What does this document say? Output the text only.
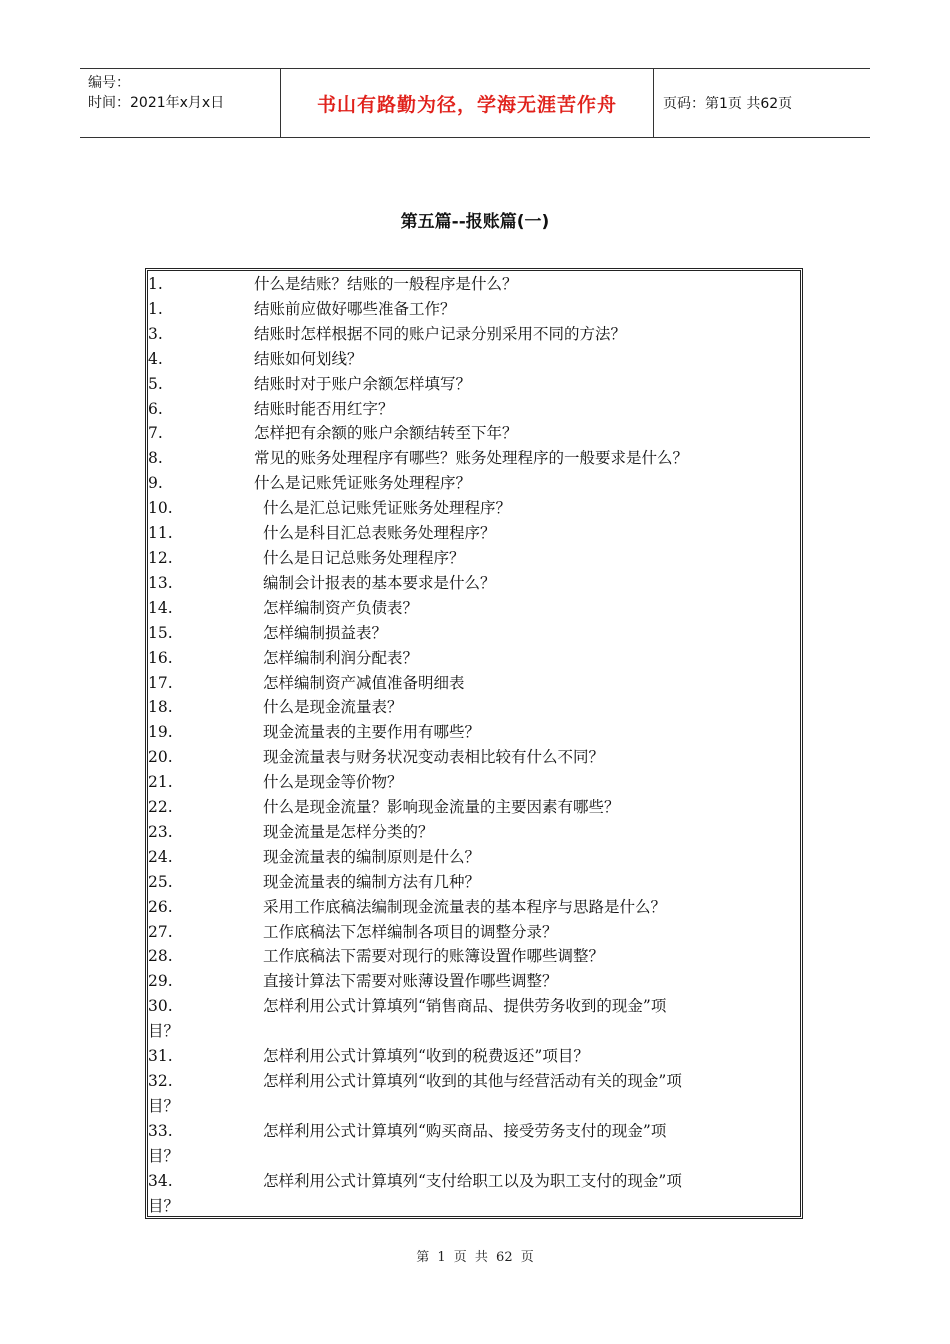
编号：
时间：2021年x月x日	书山有路勤为径，学海无涯苦作舟	页码：第1页 共62页
第五篇--报账篇(一)
1.	什么是结账？结账的一般程序是什么？
1.	结账前应做好哪些准备工作？
3.	结账时怎样根据不同的账户记录分别采用不同的方法？
4.	结账如何划线？
5.	结账时对于账户余额怎样填写？
6.	结账时能否用红字？
7.	怎样把有余额的账户余额结转至下年？
8.	常见的账务处理程序有哪些？账务处理程序的一般要求是什么？
9.	什么是记账凭证账务处理程序？
10.	什么是汇总记账凭证账务处理程序？
11.	什么是科目汇总表账务处理程序？
12.	什么是日记总账务处理程序？
13.	编制会计报表的基本要求是什么？
14.	怎样编制资产负债表？
15.	怎样编制损益表？
16.	怎样编制利润分配表？
17.	怎样编制资产减值准备明细表
18.	什么是现金流量表？
19.	现金流量表的主要作用有哪些？
20.	现金流量表与财务状况变动表相比较有什么不同？
21.	什么是现金等价物？
22.	什么是现金流量？影响现金流量的主要因素有哪些？
23.	现金流量是怎样分类的？
24.	现金流量表的编制原则是什么？
25.	现金流量表的编制方法有几种？
26.	采用工作底稿法编制现金流量表的基本程序与思路是什么？
27.	工作底稿法下怎样编制各项目的调整分录？
28.	工作底稿法下需要对现行的账簿设置作哪些调整？
29.	直接计算法下需要对账薄设置作哪些调整？
30.	怎样利用公式计算填列“销售商品、提供劳务收到的现金”项
目？
31.	怎样利用公式计算填列“收到的税费返还”项目？
32.	怎样利用公式计算填列“收到的其他与经营活动有关的现金”项
目？
33.	怎样利用公式计算填列“购买商品、接受劳务支付的现金”项
目？
34.	怎样利用公式计算填列“支付给职工以及为职工支付的现金”项
目？
第 1 页 共 62 页
